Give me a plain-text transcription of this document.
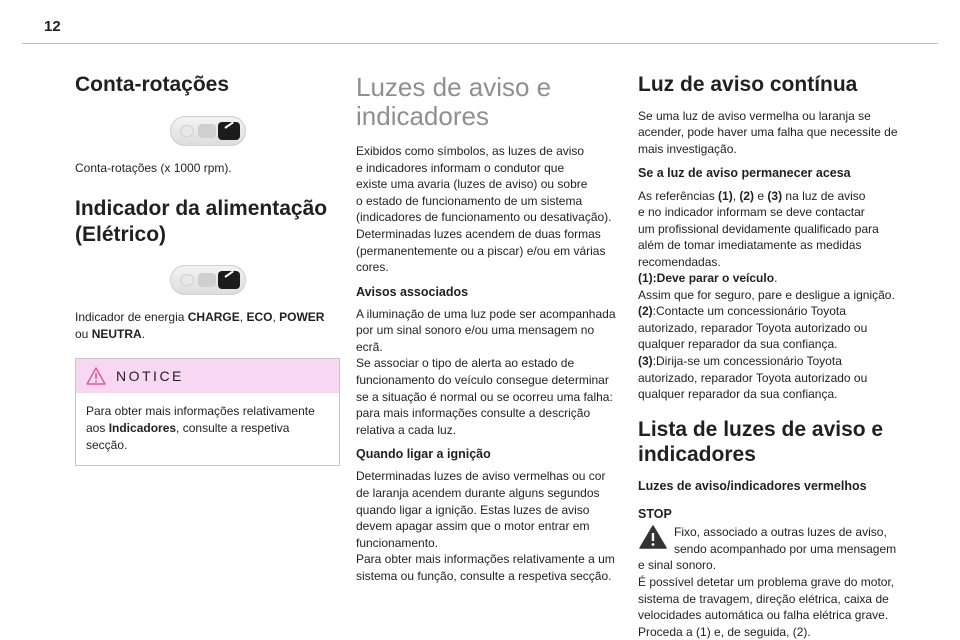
12
Conta-rotações

Conta-rotações (x 1000 rpm).

Indicador da alimentação
(Elétrico)

Indicador de energia CHARGE, ECO, POWER
ou NEUTRA.

NOTICE

Para obter mais informações relativamente aos Indicadores, consulte a respetiva secção.

Luzes de aviso e
indicadores

Exibidos como símbolos, as luzes de aviso
e indicadores informam o condutor que
existe uma avaria (luzes de aviso) ou sobre
o estado de funcionamento de um sistema
(indicadores de funcionamento ou desativação).
Determinadas luzes acendem de duas formas
(permanentemente ou a piscar) e/ou em várias
cores.

Avisos associados

A iluminação de uma luz pode ser acompanhada
por um sinal sonoro e/ou uma mensagem no
ecrã.
Se associar o tipo de alerta ao estado de
funcionamento do veículo consegue determinar
se a situação é normal ou se ocorreu uma falha:
para mais informações consulte a descrição
relativa a cada luz.

Quando ligar a ignição

Determinadas luzes de aviso vermelhas ou cor
de laranja acendem durante alguns segundos
quando ligar a ignição. Estas luzes de aviso
devem apagar assim que o motor entrar em
funcionamento.
Para obter mais informações relativamente a um
sistema ou função, consulte a respetiva secção.

Luz de aviso contínua

Se uma luz de aviso vermelha ou laranja se
acender, pode haver uma falha que necessite de
mais investigação.

Se a luz de aviso permanecer acesa

As referências (1), (2) e (3) na luz de aviso
e no indicador informam se deve contactar
um profissional devidamente qualificado para
além de tomar imediatamente as medidas
recomendadas.
(1):Deve parar o veículo.
Assim que for seguro, pare e desligue a ignição.
(2):Contacte um concessionário Toyota
autorizado, reparador Toyota autorizado ou
qualquer reparador da sua confiança.
(3):Dirija-se um concessionário Toyota
autorizado, reparador Toyota autorizado ou
qualquer reparador da sua confiança.

Lista de luzes de aviso e
indicadores
Luzes de aviso/indicadores vermelhos
STOP

Fixo, associado a outras luzes de aviso,
sendo acompanhado por uma mensagem

e sinal sonoro.
É possível detetar um problema grave do motor,
sistema de travagem, direção elétrica, caixa de
velocidades automática ou falha elétrica grave.
Proceda a (1) e, de seguida, (2).
